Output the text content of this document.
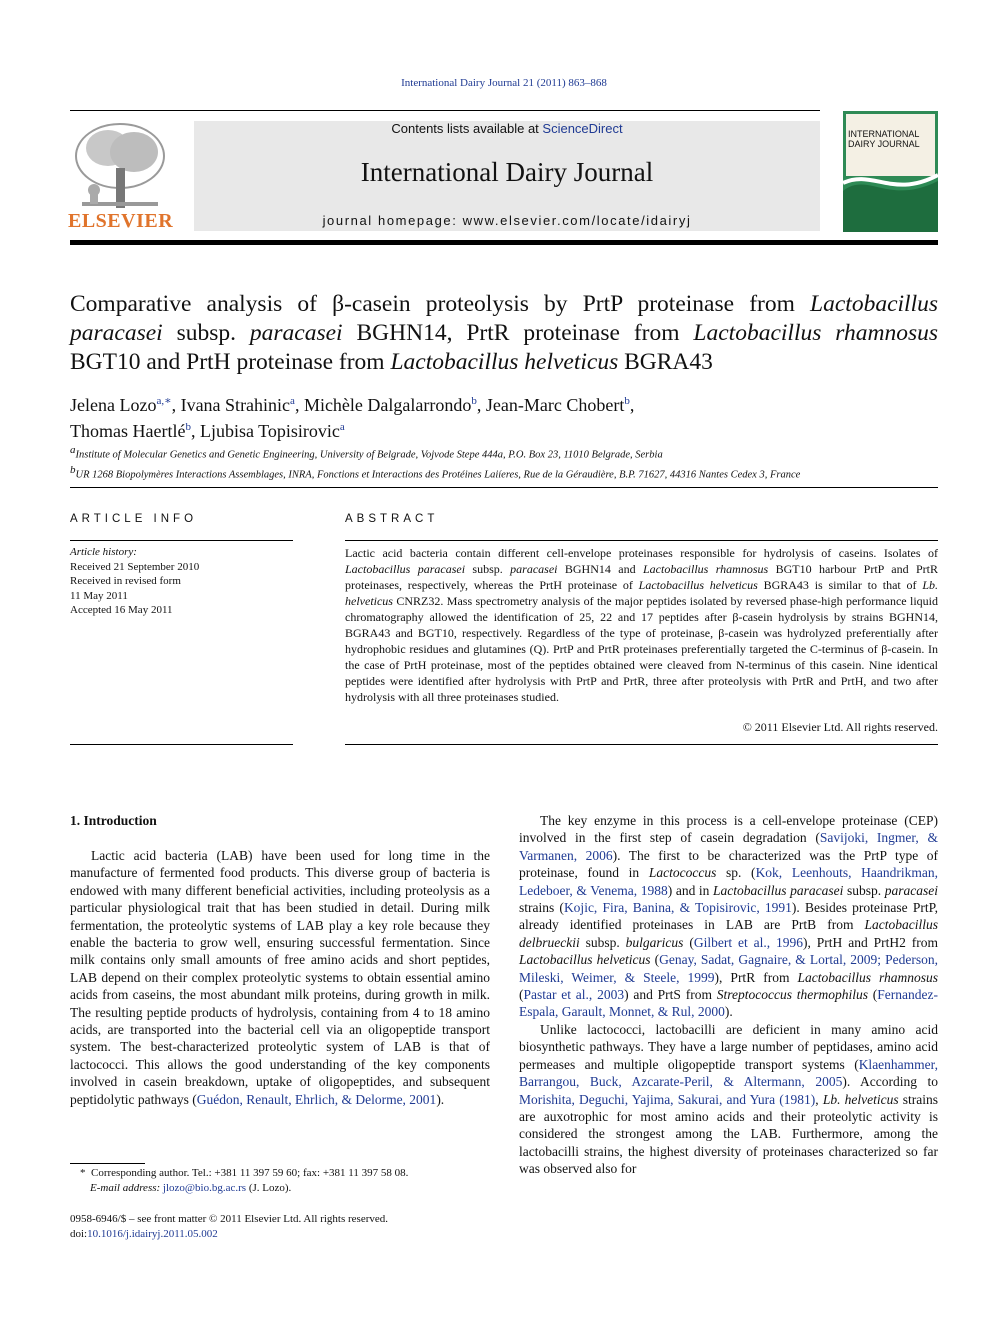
International Dairy Journal 21 (2011) 863–868
ELSEVIER
Contents lists available at ScienceDirect
International Dairy Journal
journal homepage: www.elsevier.com/locate/idairyj
INTERNATIONAL DAIRY JOURNAL
Comparative analysis of β-casein proteolysis by PrtP proteinase from Lactobacillus paracasei subsp. paracasei BGHN14, PrtR proteinase from Lactobacillus rhamnosus BGT10 and PrtH proteinase from Lactobacillus helveticus BGRA43
Jelena Lozo$^{a,∗}$, Ivana Strahinic$^a$, Michèle Dalgalarrondo$^b$, Jean-Marc Chobert$^b$,
Thomas Haertlé$^b$, Ljubisa Topisirovic$^a$
$^a$Institute of Molecular Genetics and Genetic Engineering, University of Belgrade, Vojvode Stepe 444a, P.O. Box 23, 11010 Belgrade, Serbia
$^b$UR 1268 Biopolymères Interactions Assemblages, INRA, Fonctions et Interactions des Protéines Laiíeres, Rue de la Géraudière, B.P. 71627, 44316 Nantes Cedex 3, France
ARTICLE INFO	ABSTRACT
Article history:
Received 21 September 2010
Received in revised form
11 May 2011
Accepted 16 May 2011
Lactic acid bacteria contain different cell-envelope proteinases responsible for hydrolysis of caseins. Isolates of Lactobacillus paracasei subsp. paracasei BGHN14 and Lactobacillus rhamnosus BGT10 harbour PrtP and PrtR proteinases, respectively, whereas the PrtH proteinase of Lactobacillus helveticus BGRA43 is similar to that of Lb. helveticus CNRZ32. Mass spectrometry analysis of the major peptides isolated by reversed phase-high performance liquid chromatography allowed the identification of 25, 22 and 17 peptides after β-casein hydrolysis by strains BGHN14, BGRA43 and BGT10, respectively. Regardless of the type of proteinase, β-casein was hydrolyzed preferentially after hydrophobic residues and glutamines (Q). PrtP and PrtR proteinases preferentially targeted the C-terminus of β-casein. In the case of PrtH proteinase, most of the peptides obtained were cleaved from N-terminus of this casein. Nine identical peptides were identified after hydrolysis with PrtP and PrtR, three after proteolysis with PrtR and PrtH, and two after hydrolysis with all three proteinases studied.
© 2011 Elsevier Ltd. All rights reserved.
1. Introduction

Lactic acid bacteria (LAB) have been used for long time in the manufacture of fermented food products. This diverse group of bacteria is endowed with many different beneficial activities, including proteolysis as a particular physiological trait that has been studied in detail. During milk fermentation, the proteolytic systems of LAB play a key role because they enable the bacteria to grow well, ensuring successful fermentation. Since milk contains only small amounts of free amino acids and short peptides, LAB depend on their complex proteolytic systems to obtain essential amino acids from caseins, the most abundant milk proteins, during growth in milk. The resulting peptide products of hydrolysis, containing from 4 to 18 amino acids, are transported into the bacterial cell via an oligopeptide transport system. The best-characterized proteolytic system of LAB is that of lactococci. This allows the good understanding of the key components involved in casein breakdown, uptake of oligopeptides, and subsequent peptidolytic pathways (Guédon, Renault, Ehrlich, & Delorme, 2001).

The key enzyme in this process is a cell-envelope proteinase (CEP) involved in the first step of casein degradation (Savijoki, Ingmer, & Varmanen, 2006). The first to be characterized was the PrtP type of proteinase, found in Lactococcus sp. (Kok, Leenhouts, Haandrikman, Ledeboer, & Venema, 1988) and in Lactobacillus paracasei subsp. paracasei strains (Kojic, Fira, Banina, & Topisirovic, 1991). Besides proteinase PrtP, already identified proteinases in LAB are PrtB from Lactobacillus delbrueckii subsp. bulgaricus (Gilbert et al., 1996), PrtH and PrtH2 from Lactobacillus helveticus (Genay, Sadat, Gagnaire, & Lortal, 2009; Pederson, Mileski, Weimer, & Steele, 1999), PrtR from Lactobacillus rhamnosus (Pastar et al., 2003) and PrtS from Streptococcus thermophilus (Fernandez-Espala, Garault, Monnet, & Rul, 2000).

Unlike lactococci, lactobacilli are deficient in many amino acid biosynthetic pathways. They have a large number of peptidases, amino acid permeases and multiple oligopeptide transport systems (Klaenhammer, Barrangou, Buck, Azcarate-Peril, & Altermann, 2005). According to Morishita, Deguchi, Yajima, Sakurai, and Yura (1981), Lb. helveticus strains are auxotrophic for most amino acids and their proteolytic activity is considered the strongest among the LAB. Furthermore, among the lactobacilli strains, the highest diversity of proteinases characterized so far was observed also for

* Corresponding author. Tel.: +381 11 397 59 60; fax: +381 11 397 58 08.
E-mail address: jlozo@bio.bg.ac.rs (J. Lozo).
0958-6946/$ – see front matter © 2011 Elsevier Ltd. All rights reserved.
doi:10.1016/j.idairyj.2011.05.002
